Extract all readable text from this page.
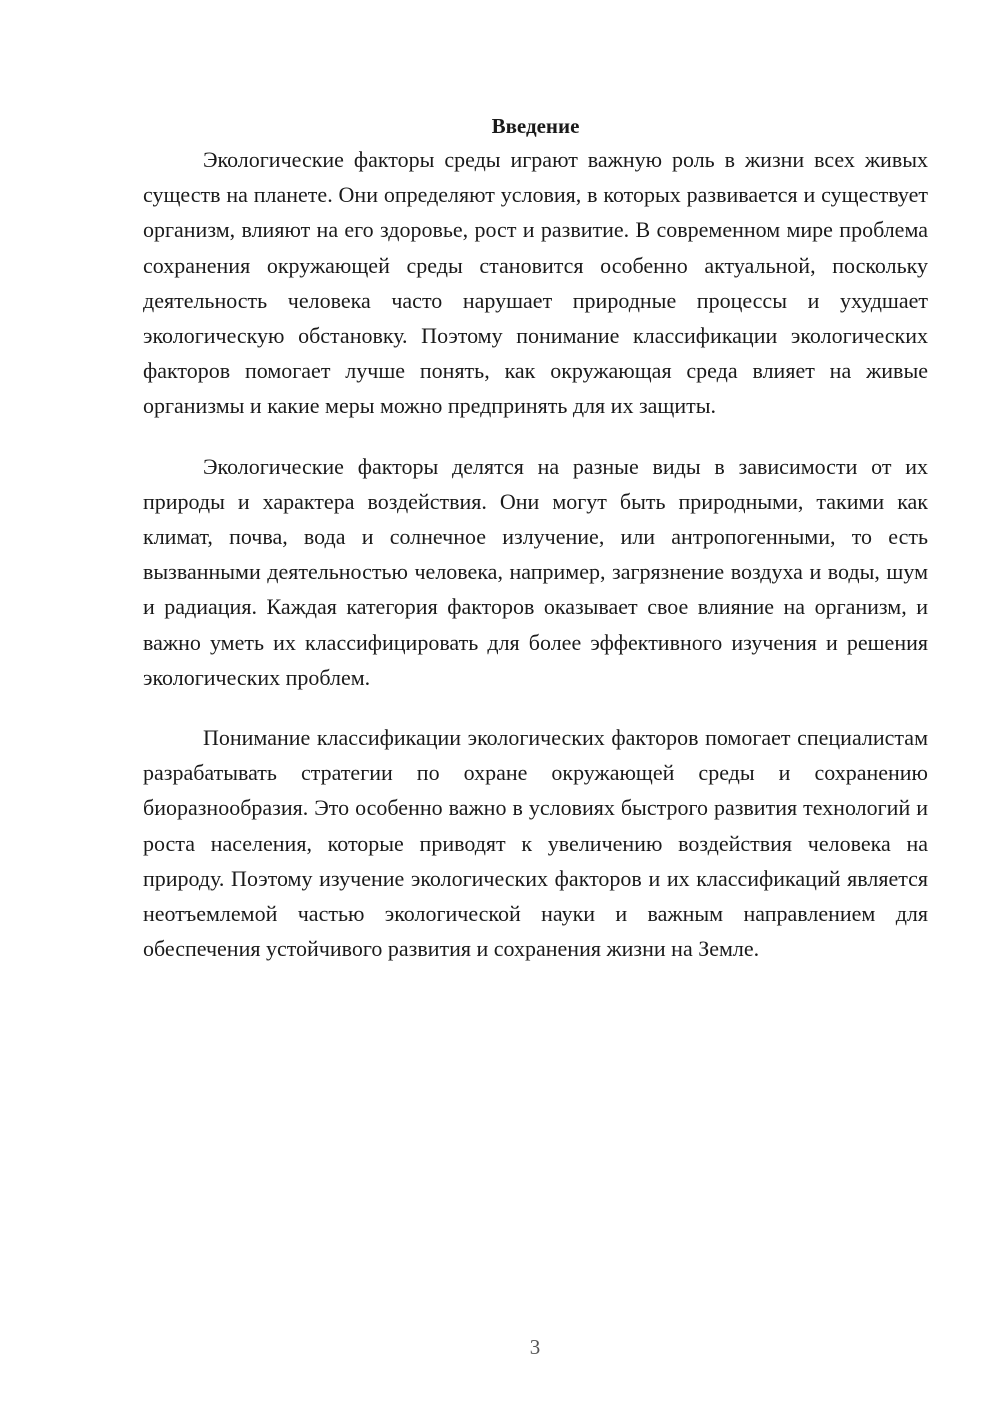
Введение

Экологические факторы среды играют важную роль в жизни всех живых существ на планете. Они определяют условия, в которых развивается и существует организм, влияют на его здоровье, рост и развитие. В современном мире проблема сохранения окружающей среды становится особенно актуальной, поскольку деятельность человека часто нарушает природные процессы и ухудшает экологическую обстановку. Поэтому понимание классификации экологических факторов помогает лучше понять, как окружающая среда влияет на живые организмы и какие меры можно предпринять для их защиты.

Экологические факторы делятся на разные виды в зависимости от их природы и характера воздействия. Они могут быть природными, такими как климат, почва, вода и солнечное излучение, или антропогенными, то есть вызванными деятельностью человека, например, загрязнение воздуха и воды, шум и радиация. Каждая категория факторов оказывает свое влияние на организм, и важно уметь их классифицировать для более эффективного изучения и решения экологических проблем.

Понимание классификации экологических факторов помогает специалистам разрабатывать стратегии по охране окружающей среды и сохранению биоразнообразия. Это особенно важно в условиях быстрого развития технологий и роста населения, которые приводят к увеличению воздействия человека на природу. Поэтому изучение экологических факторов и их классификаций является неотъемлемой частью экологической науки и важным направлением для обеспечения устойчивого развития и сохранения жизни на Земле.

3
